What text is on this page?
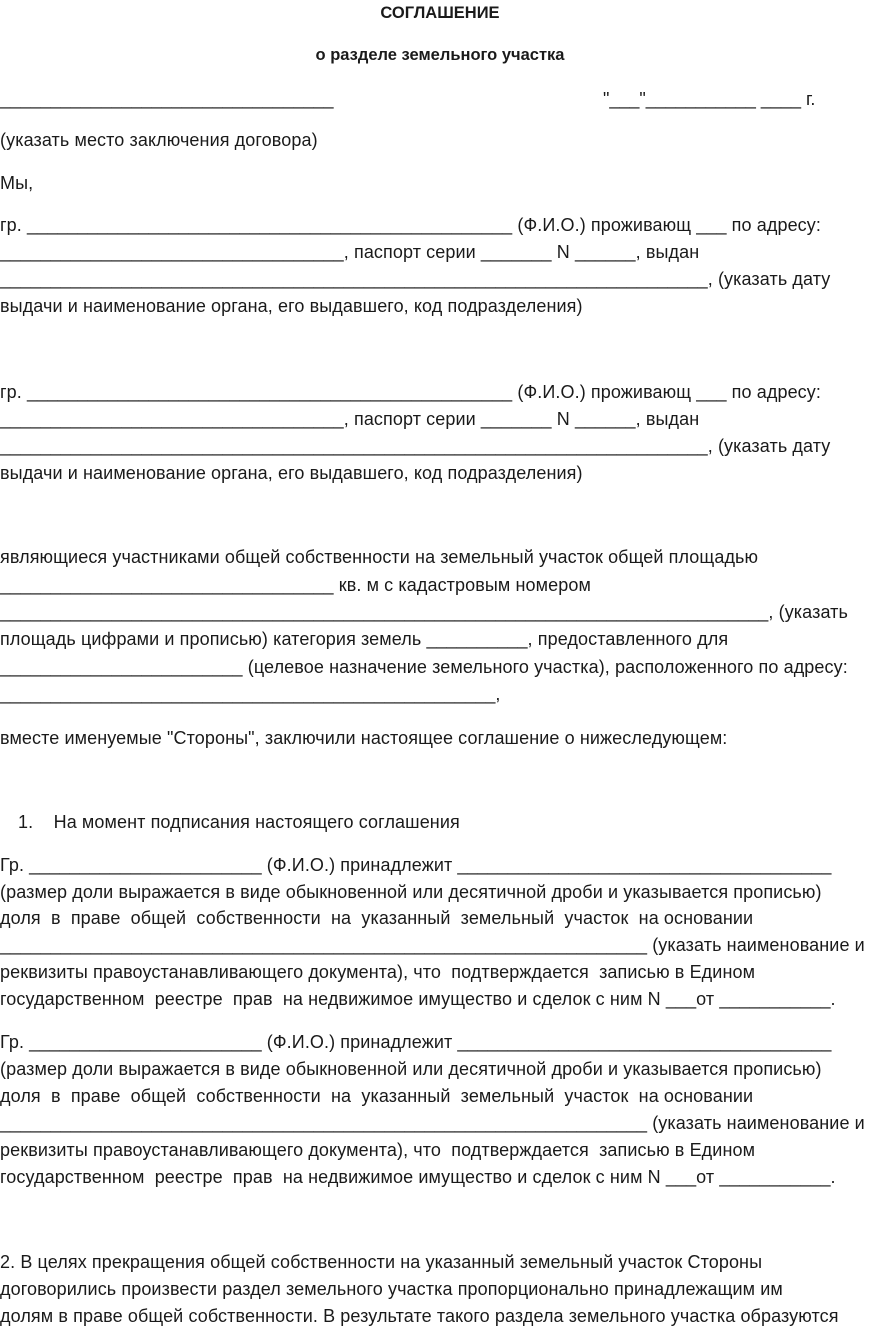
СОГЛАШЕНИЕ
о разделе земельного участка
_________________________________	"___"___________ ____ г.
(указать место заключения договора)
Мы,
гр. ________________________________________________ (Ф.И.О.) проживающ ___ по адресу:
__________________________________, паспорт серии _______ N ______, выдан
______________________________________________________________________, (указать дату
выдачи и наименование органа, его выдавшего, код подразделения)
гр. ________________________________________________ (Ф.И.О.) проживающ ___ по адресу:
__________________________________, паспорт серии _______ N ______, выдан
______________________________________________________________________, (указать дату
выдачи и наименование органа, его выдавшего, код подразделения)
являющиеся участниками общей собственности на земельный участок общей площадью
_________________________________ кв. м с кадастровым номером
____________________________________________________________________________, (указать
площадь цифрами и прописью) категория земель __________, предоставленного для
________________________ (целевое назначение земельного участка), расположенного по адресу:
_________________________________________________,
вместе именуемые "Стороны", заключили настоящее соглашение о нижеследующем:
1.    На момент подписания настоящего соглашения
Гр. _______________________ (Ф.И.О.) принадлежит _____________________________________
(размер доли выражается в виде обыкновенной или десятичной дроби и указывается прописью)
доля  в  праве  общей  собственности  на  указанный  земельный  участок  на основании
________________________________________________________________ (указать наименование и
реквизиты правоустанавливающего документа), что  подтверждается  записью в Едином
государственном  реестре  прав  на недвижимое имущество и сделок с ним N ___от ___________.
Гр. _______________________ (Ф.И.О.) принадлежит _____________________________________
(размер доли выражается в виде обыкновенной или десятичной дроби и указывается прописью)
доля  в  праве  общей  собственности  на  указанный  земельный  участок  на основании
________________________________________________________________ (указать наименование и
реквизиты правоустанавливающего документа), что  подтверждается  записью в Едином
государственном  реестре  прав  на недвижимое имущество и сделок с ним N ___от ___________.
2. В целях прекращения общей собственности на указанный земельный участок Стороны
договорились произвести раздел земельного участка пропорционально принадлежащим им
долям в праве общей собственности. В результате такого раздела земельного участка образуются
